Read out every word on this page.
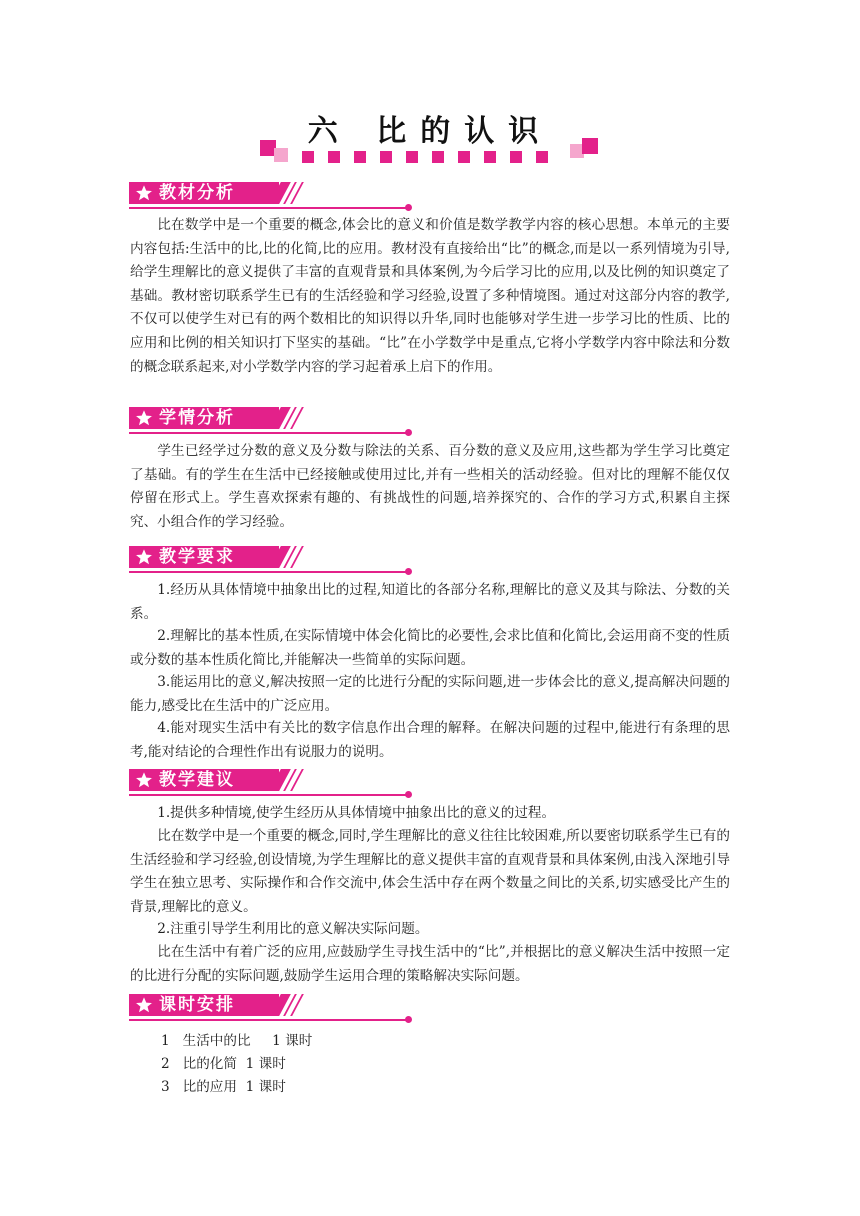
六 比的认识
教材分析

比在数学中是一个重要的概念,体会比的意义和价值是数学教学内容的核心思想。本单元的主要内容包括:生活中的比,比的化简,比的应用。教材没有直接给出“比”的概念,而是以一系列情境为引导,给学生理解比的意义提供了丰富的直观背景和具体案例,为今后学习比的应用,以及比例的知识奠定了基础。教材密切联系学生已有的生活经验和学习经验,设置了多种情境图。通过对这部分内容的教学,不仅可以使学生对已有的两个数相比的知识得以升华,同时也能够对学生进一步学习比的性质、比的应用和比例的相关知识打下坚实的基础。“比”在小学数学中是重点,它将小学数学内容中除法和分数的概念联系起来,对小学数学内容的学习起着承上启下的作用。

学情分析

学生已经学过分数的意义及分数与除法的关系、百分数的意义及应用,这些都为学生学习比奠定了基础。有的学生在生活中已经接触或使用过比,并有一些相关的活动经验。但对比的理解不能仅仅停留在形式上。学生喜欢探索有趣的、有挑战性的问题,培养探究的、合作的学习方式,积累自主探究、小组合作的学习经验。

教学要求

1.经历从具体情境中抽象出比的过程,知道比的各部分名称,理解比的意义及其与除法、分数的关系。

2.理解比的基本性质,在实际情境中体会化简比的必要性,会求比值和化简比,会运用商不变的性质或分数的基本性质化简比,并能解决一些简单的实际问题。

3.能运用比的意义,解决按照一定的比进行分配的实际问题,进一步体会比的意义,提高解决问题的能力,感受比在生活中的广泛应用。

4.能对现实生活中有关比的数字信息作出合理的解释。在解决问题的过程中,能进行有条理的思考,能对结论的合理性作出有说服力的说明。

教学建议

1.提供多种情境,使学生经历从具体情境中抽象出比的意义的过程。

比在数学中是一个重要的概念,同时,学生理解比的意义往往比较困难,所以要密切联系学生已有的生活经验和学习经验,创设情境,为学生理解比的意义提供丰富的直观背景和具体案例,由浅入深地引导学生在独立思考、实际操作和合作交流中,体会生活中存在两个数量之间比的关系,切实感受比产生的背景,理解比的意义。

2.注重引导学生利用比的意义解决实际问题。

比在生活中有着广泛的应用,应鼓励学生寻找生活中的“比”,并根据比的意义解决生活中按照一定的比进行分配的实际问题,鼓励学生运用合理的策略解决实际问题。

课时安排
1   生活中的比     1 课时
2   比的化简  1 课时
3   比的应用  1 课时
